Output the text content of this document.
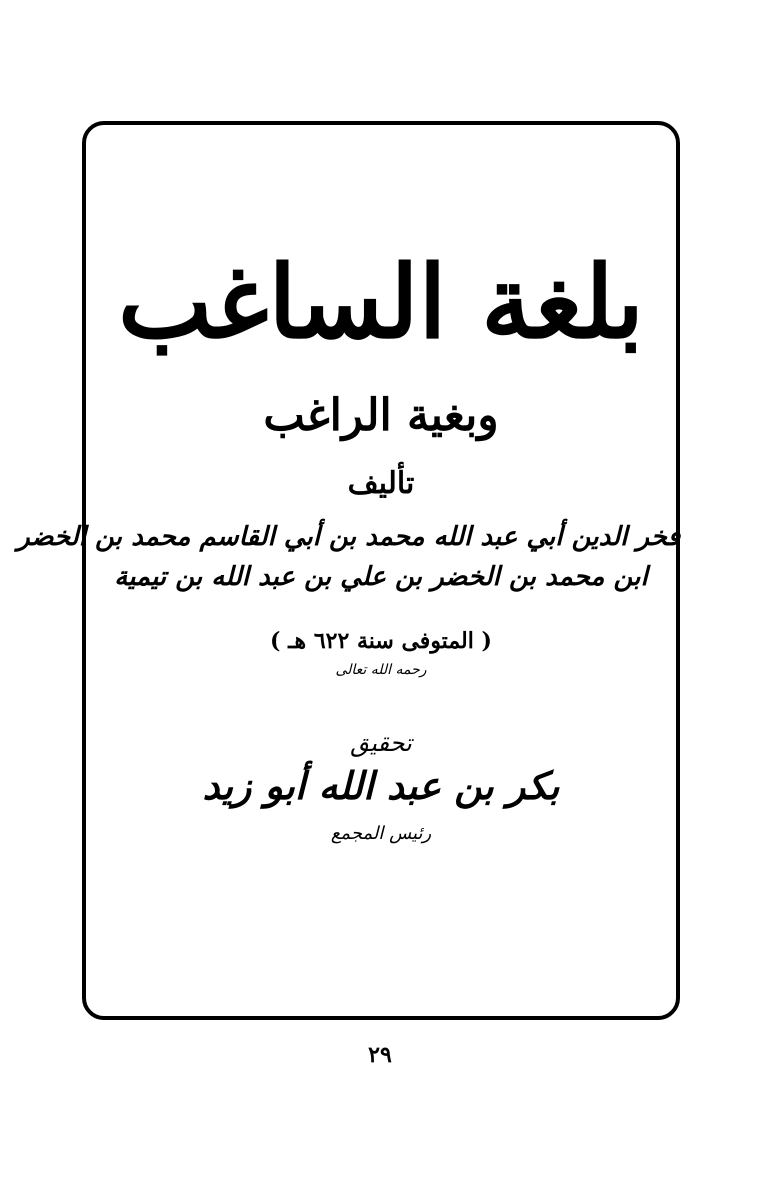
بلغة الساغب
وبغية الراغب
تأليف
فخر الدين أبي عبد الله محمد بن أبي القاسم محمد بن الخضر
ابن محمد بن الخضر بن علي بن عبد الله بن تيمية
( المتوفى سنة ٦٢٢ هـ )
رحمه الله تعالى
تحقيق
بكر بن عبد الله أبو زيد
رئيس المجمع
٢٩
